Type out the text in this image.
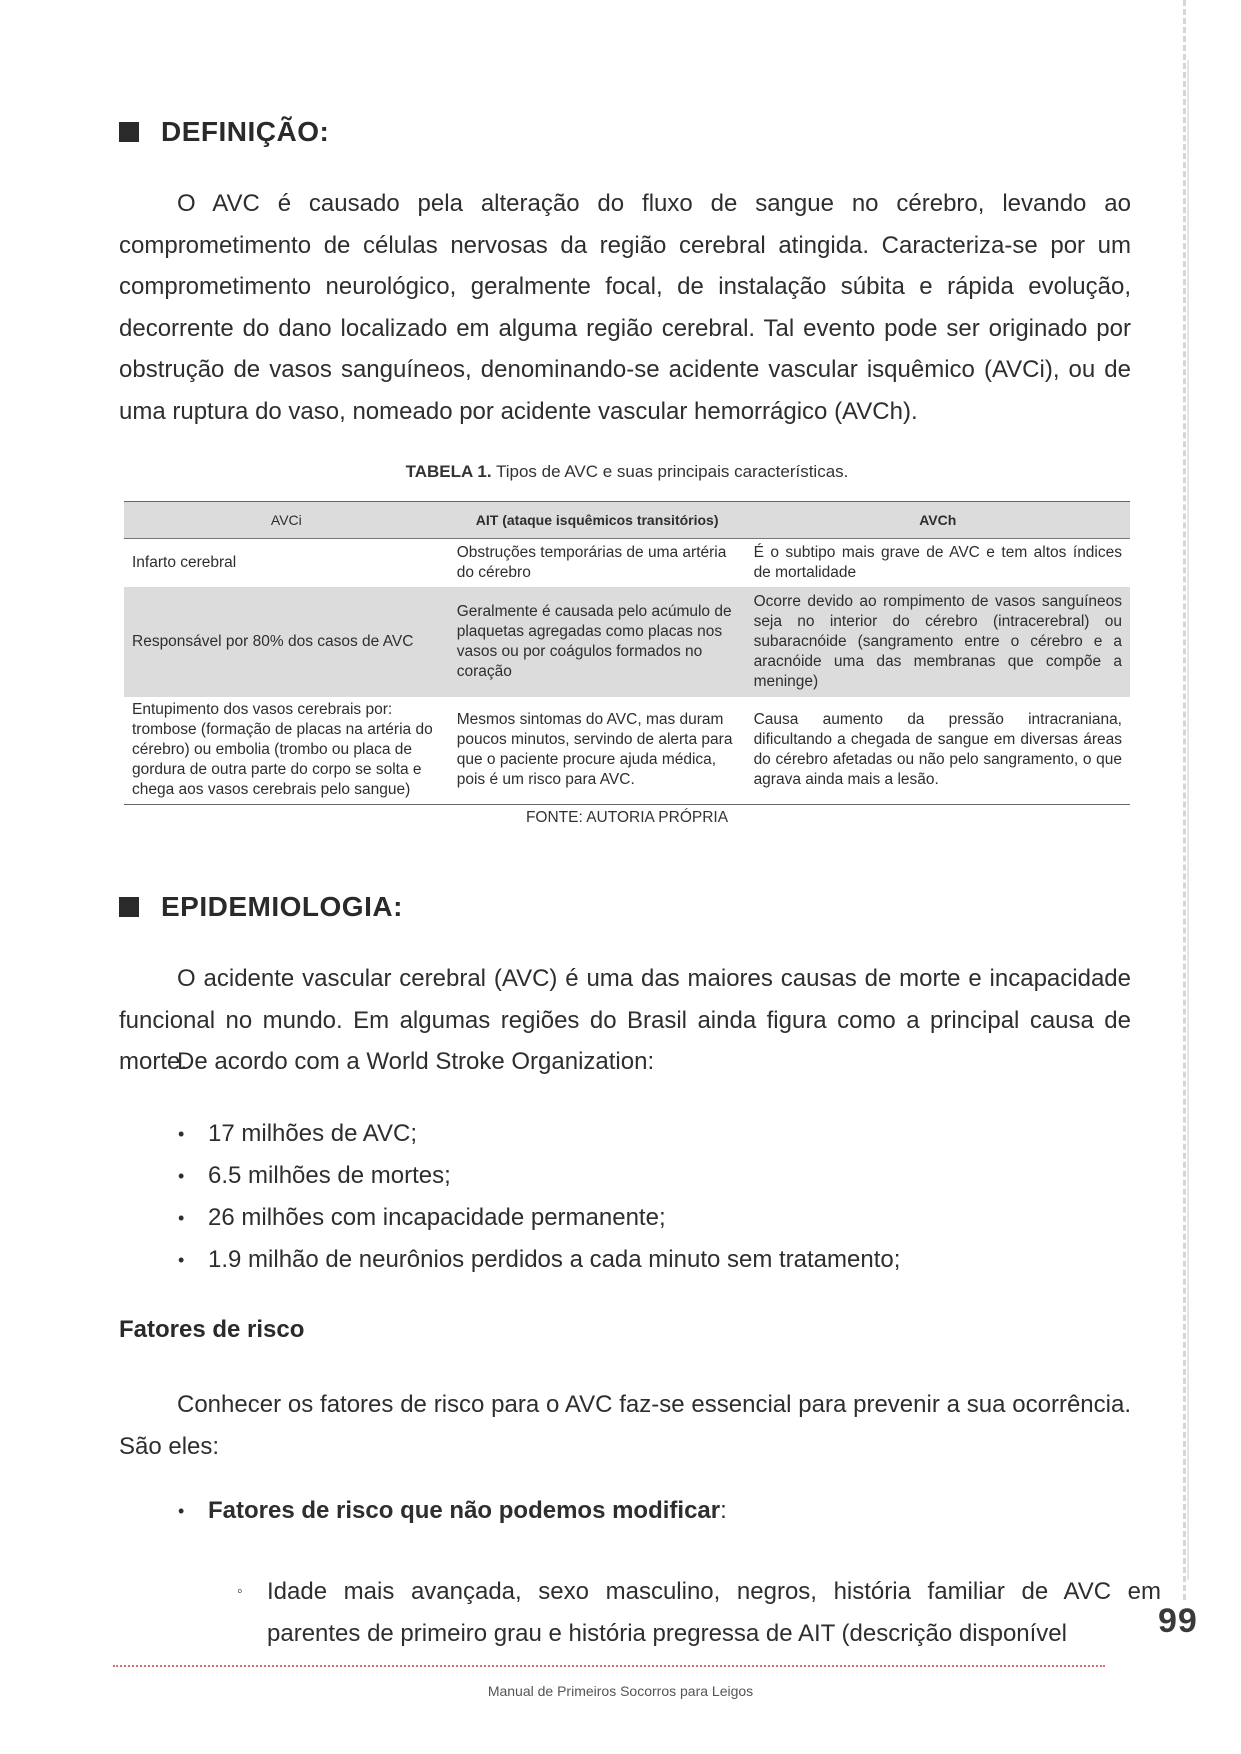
DEFINIÇÃO:
O AVC é causado pela alteração do fluxo de sangue no cérebro, levando ao comprometimento de células nervosas da região cerebral atingida. Caracteriza-se por um comprometimento neurológico, geralmente focal, de instalação súbita e rápida evolução, decorrente do dano localizado em alguma região cerebral. Tal evento pode ser originado por obstrução de vasos sanguíneos, denominando-se acidente vascular isquêmico (AVCi), ou de uma ruptura do vaso, nomeado por acidente vascular hemorrágico (AVCh).
TABELA 1. Tipos de AVC e suas principais características.
AVCi	AIT (ataque isquêmicos transitórios)	AVCh
Infarto cerebral	Obstruções temporárias de uma artéria do cérebro	É o subtipo mais grave de AVC e tem altos índices de mortalidade
Responsável por 80% dos casos de AVC	Geralmente é causada pelo acúmulo de plaquetas agregadas como placas nos vasos ou por coágulos formados no coração	Ocorre devido ao rompimento de vasos sanguíneos seja no interior do cérebro (intracerebral) ou subaracnóide (sangramento entre o cérebro e a aracnóide uma das membranas que compõe a meninge)
Entupimento dos vasos cerebrais por: trombose (formação de placas na artéria do cérebro) ou embolia (trombo ou placa de gordura de outra parte do corpo se solta e chega aos vasos cerebrais pelo sangue)	Mesmos sintomas do AVC, mas duram poucos minutos, servindo de alerta para que o paciente procure ajuda médica, pois é um risco para AVC.	Causa aumento da pressão intracraniana, dificultando a chegada de sangue em diversas áreas do cérebro afetadas ou não pelo sangramento, o que agrava ainda mais a lesão.
FONTE: AUTORIA PRÓPRIA
EPIDEMIOLOGIA:
O acidente vascular cerebral (AVC) é uma das maiores causas de morte e incapacidade funcional no mundo. Em algumas regiões do Brasil ainda figura como a principal causa de morte.
De acordo com a World Stroke Organization:
• 17 milhões de AVC;
• 6.5 milhões de mortes;
• 26 milhões com incapacidade permanente;
• 1.9 milhão de neurônios perdidos a cada minuto sem tratamento;
Fatores de risco
Conhecer os fatores de risco para o AVC faz-se essencial para prevenir a sua ocorrência. São eles:
• Fatores de risco que não podemos modificar:
◦ Idade mais avançada, sexo masculino, negros, história familiar de AVC em parentes de primeiro grau e história pregressa de AIT (descrição disponível	99
Manual de Primeiros Socorros para Leigos
